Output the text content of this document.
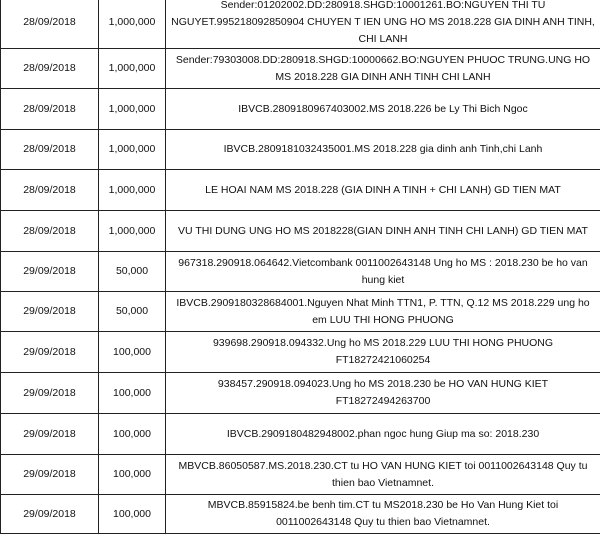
28/09/2018	1,000,000	Sender:01202002.DD:280918.SHGD:10001261.BO:NGUYEN THI TU NGUYET.995218092850904 CHUYEN T IEN UNG HO MS 2018.228 GIA DINH ANH TINH, CHI LANH
28/09/2018	1,000,000	Sender:79303008.DD:280918.SHGD:10000662.BO:NGUYEN PHUOC TRUNG.UNG HO MS 2018.228 GIA DINH ANH TINH CHI LANH
28/09/2018	1,000,000	IBVCB.2809180967403002.MS 2018.226 be Ly Thi Bich Ngoc
28/09/2018	1,000,000	IBVCB.2809181032435001.MS 2018.228 gia dinh anh Tinh,chi Lanh
28/09/2018	1,000,000	LE HOAI NAM MS 2018.228 (GIA DINH A TINH + CHI LANH) GD TIEN MAT
28/09/2018	1,000,000	VU THI DUNG UNG HO MS 2018228(GIAN DINH ANH TINH CHI LANH) GD TIEN MAT
29/09/2018	50,000	967318.290918.064642.Vietcombank 0011002643148 Ung ho MS : 2018.230 be ho van hung kiet
29/09/2018	50,000	IBVCB.2909180328684001.Nguyen Nhat Minh TTN1, P. TTN, Q.12 MS 2018.229 ung ho em LUU THI HONG PHUONG
29/09/2018	100,000	939698.290918.094332.Ung ho MS 2018.229 LUU THI HONG PHUONG FT18272421060254
29/09/2018	100,000	938457.290918.094023.Ung ho MS 2018.230 be HO VAN HUNG KIET FT18272494263700
29/09/2018	100,000	IBVCB.2909180482948002.phan ngoc hung Giup ma so: 2018.230
29/09/2018	100,000	MBVCB.86050587.MS.2018.230.CT tu HO VAN HUNG KIET toi 0011002643148 Quy tu thien bao Vietnamnet.
29/09/2018	100,000	MBVCB.85915824.be benh tim.CT tu MS2018.230 be Ho Van Hung Kiet toi 0011002643148 Quy tu thien bao Vietnamnet.
